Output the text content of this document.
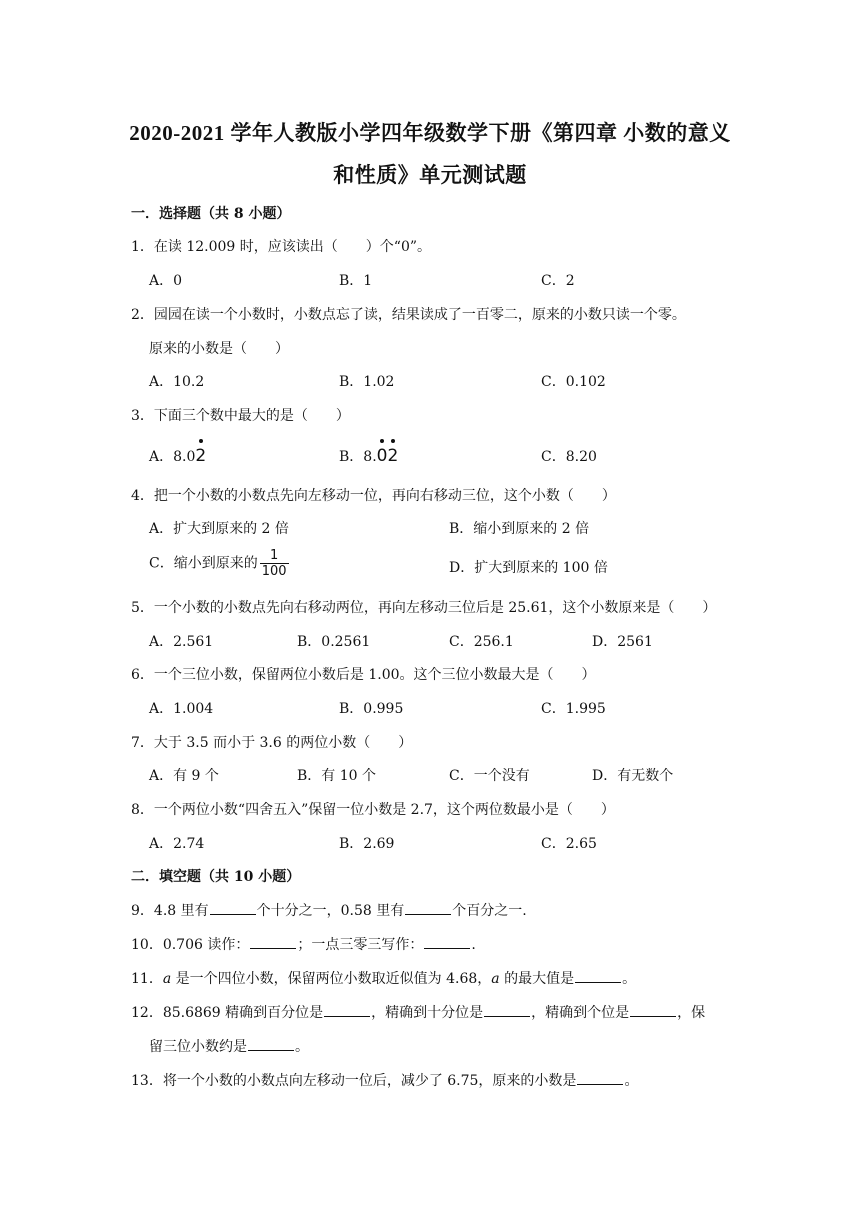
2020-2021 学年人教版小学四年级数学下册《第四章 小数的意义
和性质》单元测试题
一．选择题（共 8 小题）
1．在读 12.009 时，应该读出（　　）个“0”。
A．0	B．1	C．2
2．园园在读一个小数时，小数点忘了读，结果读成了一百零二，原来的小数只读一个零。
原来的小数是（　　）
A．10.2	B．1.02	C．0.102
3．下面三个数中最大的是（　　）
A．8.0
2	B．8.
0
2	C．8.20
4．把一个小数的小数点先向左移动一位，再向右移动三位，这个小数（　　）
A．扩大到原来的 2 倍	B．缩小到原来的 2 倍
C．缩小到原来的 $\frac{1}{100}$	D．扩大到原来的 100 倍
5．一个小数的小数点先向右移动两位，再向左移动三位后是 25.61，这个小数原来是（　　）
A．2.561	B．0.2561	C．256.1	D．2561
6．一个三位小数，保留两位小数后是 1.00。这个三位小数最大是（　　）
A．1.004	B．0.995	C．1.995
7．大于 3.5 而小于 3.6 的两位小数（　　）
A．有 9 个	B．有 10 个	C．一个没有	D．有无数个
8．一个两位小数“四舍五入”保留一位小数是 2.7，这个两位数最小是（　　）
A．2.74	B．2.69	C．2.65
二．填空题（共 10 小题）
9．4.8 里有	个十分之一，0.58 里有	个百分之一.
10．0.706 读作：	；一点三零三写作：	.
11．a 是一个四位小数，保留两位小数取近似值为 4.68，a 的最大值是	。
12．85.6869 精确到百分位是	，精确到十分位是	，精确到个位是	，保
留三位小数约是	。
13．将一个小数的小数点向左移动一位后，减少了 6.75，原来的小数是	。
